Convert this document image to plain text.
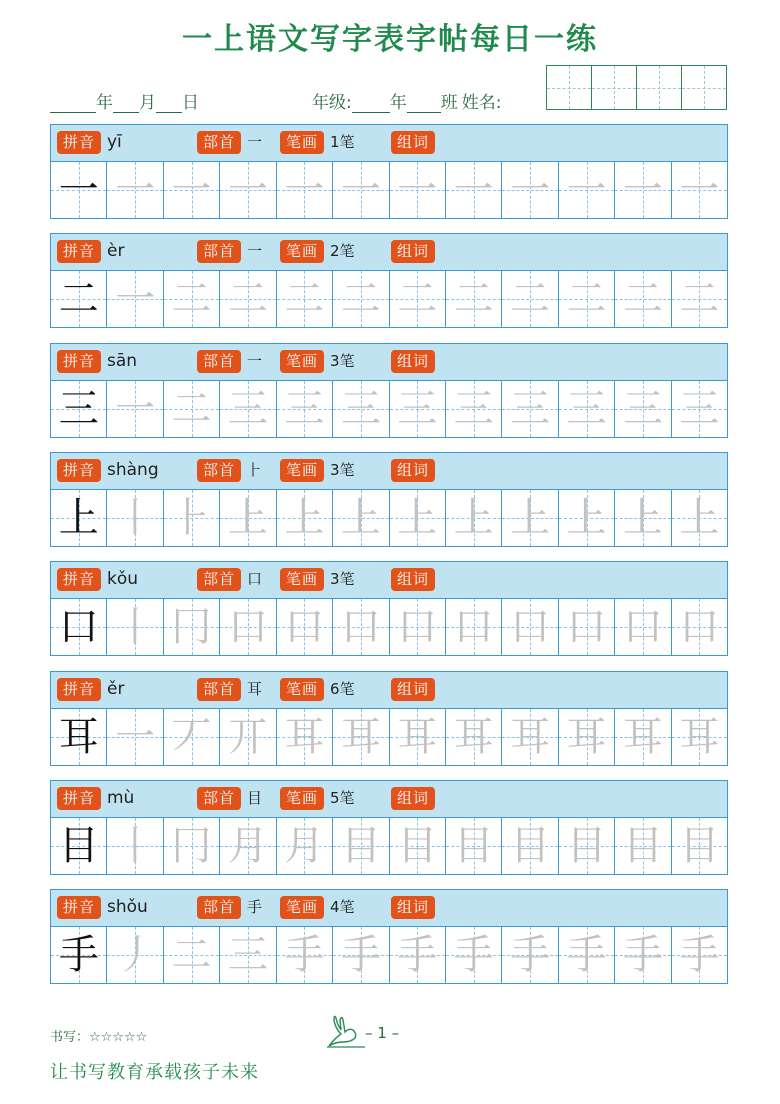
一上语文写字表字帖每日一练
年 月 日	年级: 年 班 姓名:
拼音 yī	部首 一	笔画 1笔	组词
一 一 一 一 一 一 一 一 一 一 一 一
拼音 èr	部首 一	笔画 2笔	组词
二 一 二 二 二 二 二 二 二 二 二 二
拼音 sān	部首 一	笔画 3笔	组词
三 一 二 三 三 三 三 三 三 三 三 三
拼音 shàng	部首 ⺊	笔画 3笔	组词
上 丨 ⺊ 上 上 上 上 上 上 上 上 上
拼音 kǒu	部首 口	笔画 3笔	组词
口 丨 冂 口 口 口 口 口 口 口 口 口
拼音 ěr	部首 耳	笔画 6笔	组词
耳 一 丆 丌 耳 耳 耳 耳 耳 耳 耳 耳
拼音 mù	部首 目	笔画 5笔	组词
目 丨 冂 月 月 目 目 目 目 目 目 目
拼音 shǒu	部首 手	笔画 4笔	组词
手 丿 二 三 手 手 手 手 手 手 手 手
书写：☆☆☆☆☆	– 1 –
让书写教育承载孩子未来
